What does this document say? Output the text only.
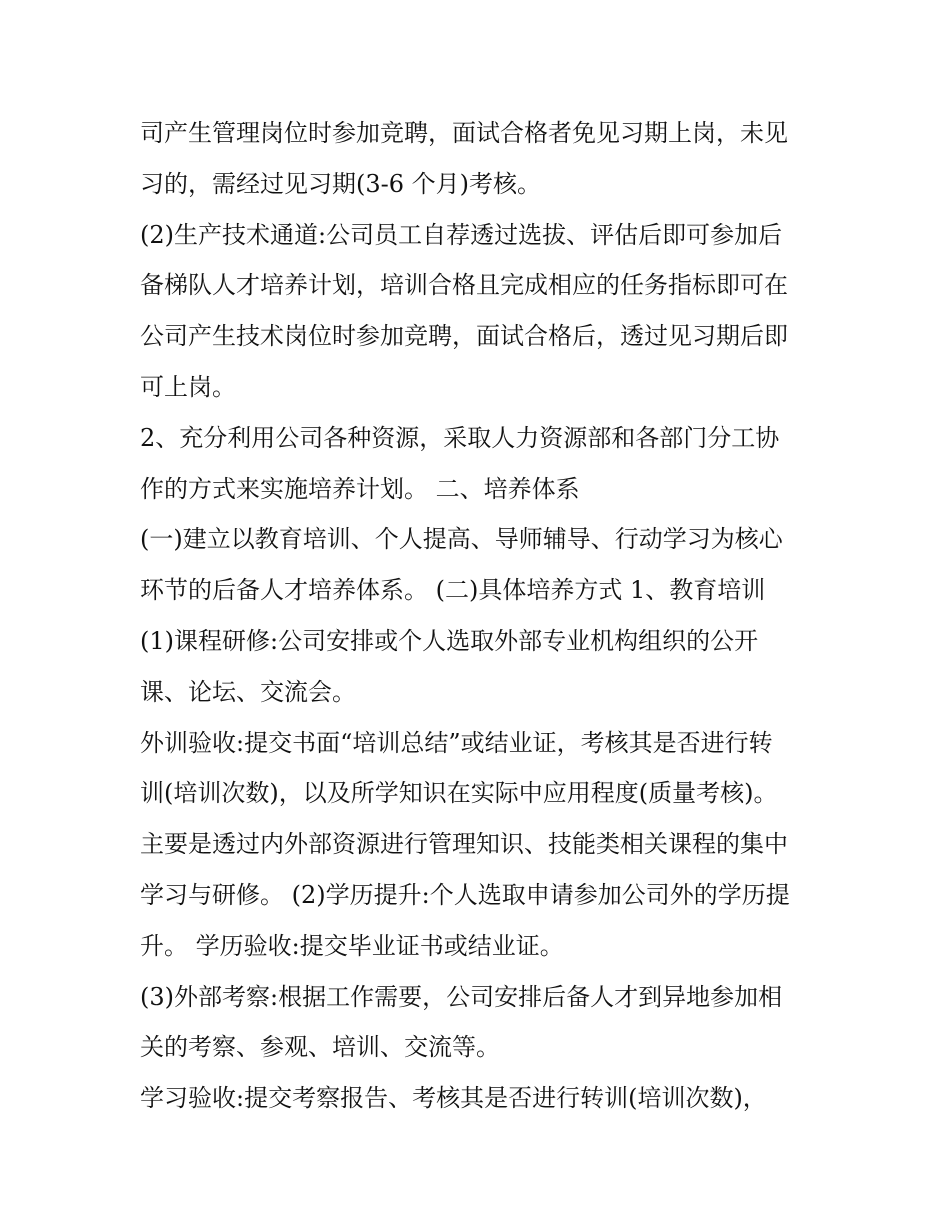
司产生管理岗位时参加竞聘，面试合格者免见习期上岗，未见
习的，需经过见习期(3-6 个月)考核。
(2)生产技术通道:公司员工自荐透过选拔、评估后即可参加后
备梯队人才培养计划，培训合格且完成相应的任务指标即可在
公司产生技术岗位时参加竞聘，面试合格后，透过见习期后即
可上岗。
2、充分利用公司各种资源，采取人力资源部和各部门分工协
作的方式来实施培养计划。 二、培养体系
(一)建立以教育培训、个人提高、导师辅导、行动学习为核心
环节的后备人才培养体系。 (二)具体培养方式 1、教育培训
(1)课程研修:公司安排或个人选取外部专业机构组织的公开
课、论坛、交流会。
外训验收:提交书面“培训总结”或结业证，考核其是否进行转
训(培训次数)，以及所学知识在实际中应用程度(质量考核)。
主要是透过内外部资源进行管理知识、技能类相关课程的集中
学习与研修。 (2)学历提升:个人选取申请参加公司外的学历提
升。 学历验收:提交毕业证书或结业证。
(3)外部考察:根据工作需要，公司安排后备人才到异地参加相
关的考察、参观、培训、交流等。
学习验收:提交考察报告、考核其是否进行转训(培训次数)，
